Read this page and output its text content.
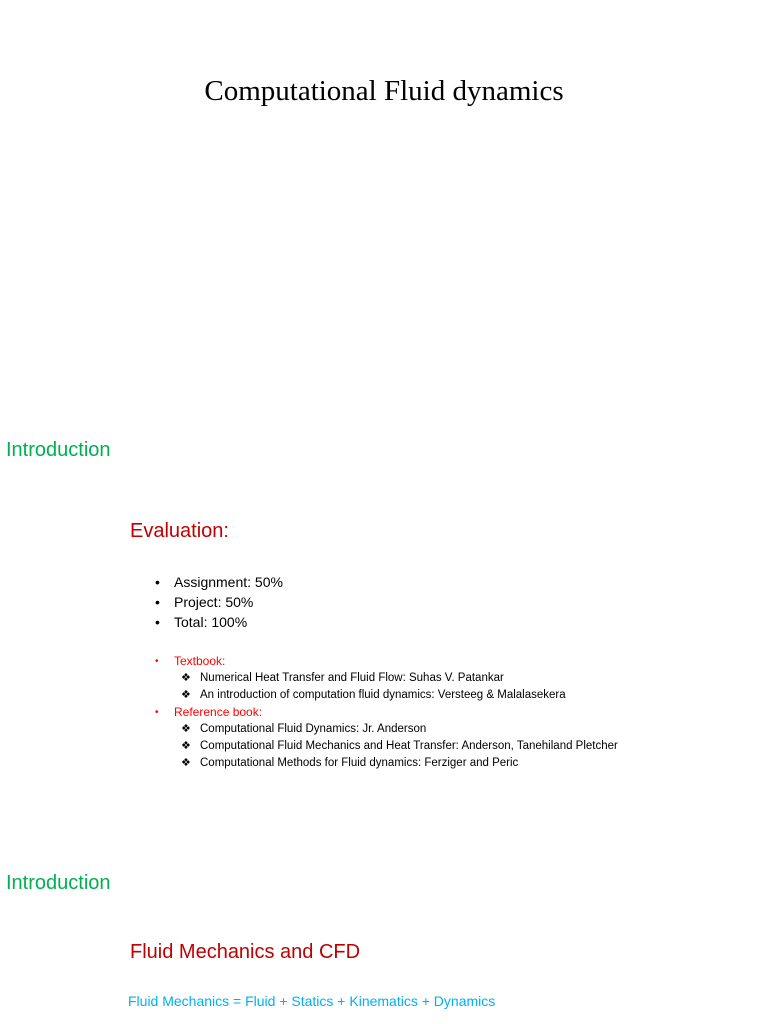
Computational Fluid dynamics
Introduction
Evaluation:
• Assignment: 50%
• Project: 50%
• Total: 100%
• Textbook:
❖ Numerical Heat Transfer and Fluid Flow: Suhas V. Patankar
❖ An introduction of computation fluid dynamics: Versteeg & Malalasekera
• Reference book:
❖ Computational Fluid Dynamics: Jr. Anderson
❖ Computational Fluid Mechanics and Heat Transfer: Anderson, Tanehiland Pletcher
❖ Computational Methods for Fluid dynamics: Ferziger and Peric
Introduction
Fluid Mechanics and CFD
Fluid Mechanics = Fluid + Statics + Kinematics + Dynamics
